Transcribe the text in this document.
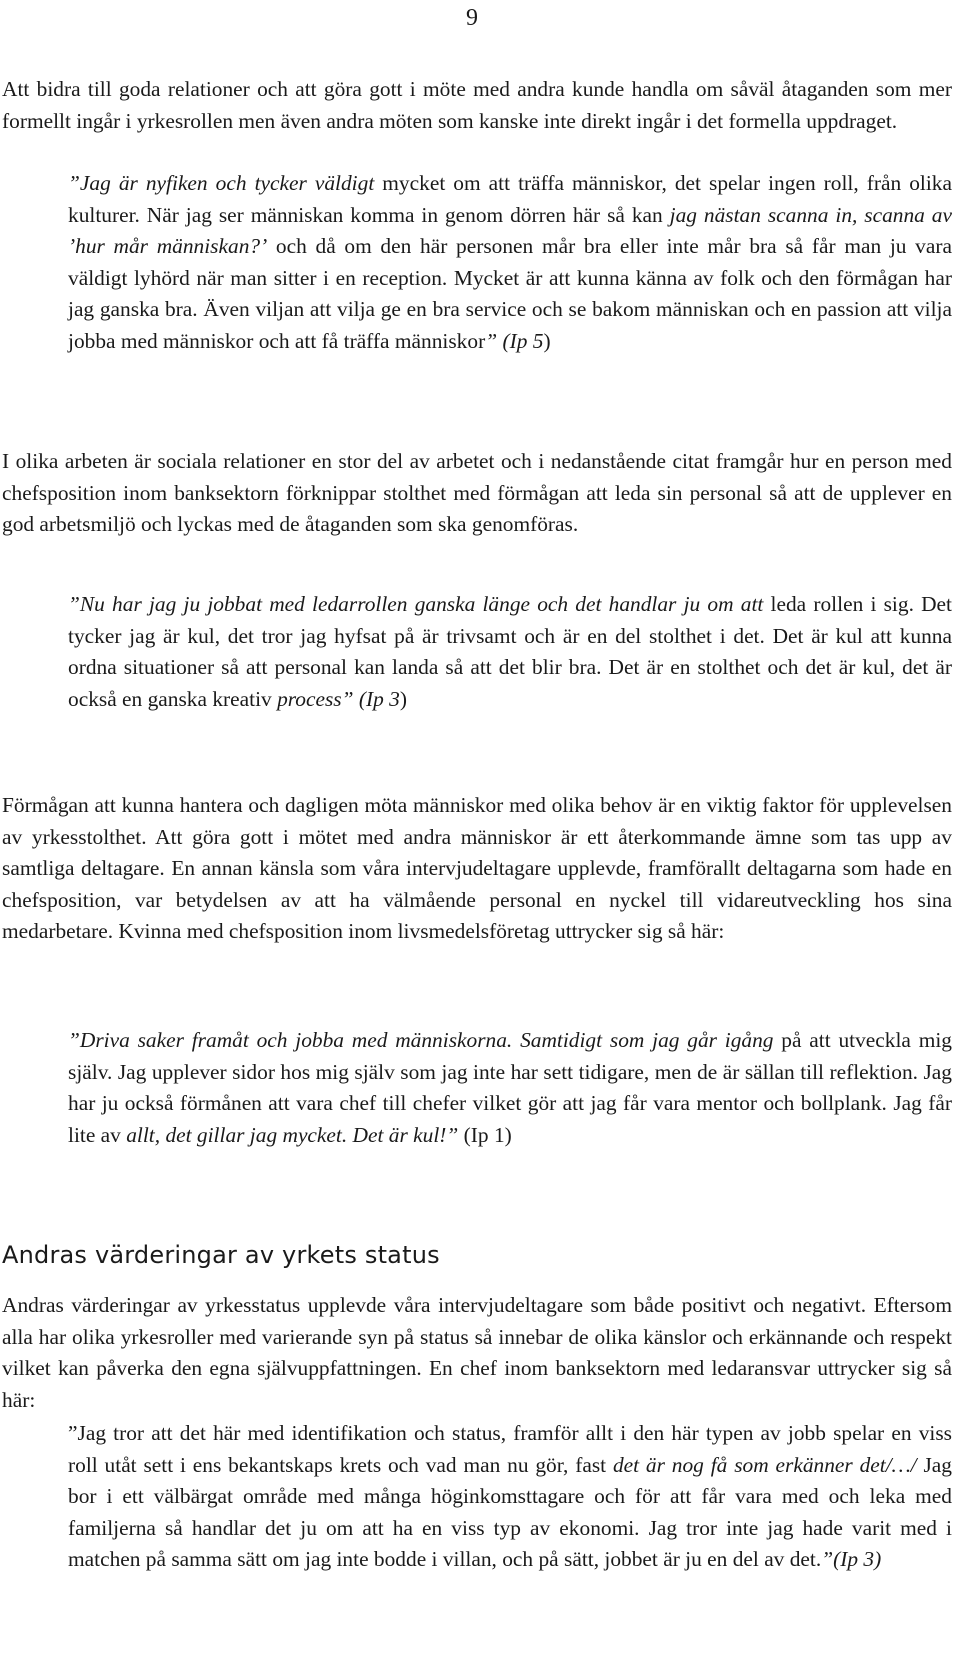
9

Att bidra till goda relationer och att göra gott i möte med andra kunde handla om såväl åtaganden som mer formellt ingår i yrkesrollen men även andra möten som kanske inte direkt ingår i det formella uppdraget.

”Jag är nyfiken och tycker väldigt mycket om att träffa människor, det spelar ingen roll, från olika kulturer. När jag ser människan komma in genom dörren här så kan jag nästan scanna in, scanna av ’hur mår människan?’ och då om den här personen mår bra eller inte mår bra så får man ju vara väldigt lyhörd när man sitter i en reception. Mycket är att kunna känna av folk och den förmågan har jag ganska bra. Även viljan att vilja ge en bra service och se bakom människan och en passion att vilja jobba med människor och att få träffa människor” (Ip 5)

I olika arbeten är sociala relationer en stor del av arbetet och i nedanstående citat framgår hur en person med chefsposition inom banksektorn förknippar stolthet med förmågan att leda sin personal så att de upplever en god arbetsmiljö och lyckas med de åtaganden som ska genomföras.

”Nu har jag ju jobbat med ledarrollen ganska länge och det handlar ju om att leda rollen i sig. Det tycker jag är kul, det tror jag hyfsat på är trivsamt och är en del stolthet i det. Det är kul att kunna ordna situationer så att personal kan landa så att det blir bra. Det är en stolthet och det är kul, det är också en ganska kreativ process” (Ip 3)

Förmågan att kunna hantera och dagligen möta människor med olika behov är en viktig faktor för upplevelsen av yrkesstolthet. Att göra gott i mötet med andra människor är ett återkommande ämne som tas upp av samtliga deltagare. En annan känsla som våra intervjudeltagare upplevde, framförallt deltagarna som hade en chefsposition, var betydelsen av att ha välmående personal en nyckel till vidareutveckling hos sina medarbetare. Kvinna med chefsposition inom livsmedelsföretag uttrycker sig så här:

”Driva saker framåt och jobba med människorna. Samtidigt som jag går igång på att utveckla mig själv. Jag upplever sidor hos mig själv som jag inte har sett tidigare, men de är sällan till reflektion. Jag har ju också förmånen att vara chef till chefer vilket gör att jag får vara mentor och bollplank. Jag får lite av allt, det gillar jag mycket. Det är kul!” (Ip 1)

Andras värderingar av yrkets status

Andras värderingar av yrkesstatus upplevde våra intervjudeltagare som både positivt och negativt. Eftersom alla har olika yrkesroller med varierande syn på status så innebar de olika känslor och erkännande och respekt vilket kan påverka den egna självuppfattningen. En chef inom banksektorn med ledaransvar uttrycker sig så här:

”Jag tror att det här med identifikation och status, framför allt i den här typen av jobb spelar en viss roll utåt sett i ens bekantskaps krets och vad man nu gör, fast det är nog få som erkänner det/…/ Jag bor i ett välbärgat område med många höginkomsttagare och för att får vara med och leka med familjerna så handlar det ju om att ha en viss typ av ekonomi. Jag tror inte jag hade varit med i matchen på samma sätt om jag inte bodde i villan, och på sätt, jobbet är ju en del av det.”(Ip 3)
